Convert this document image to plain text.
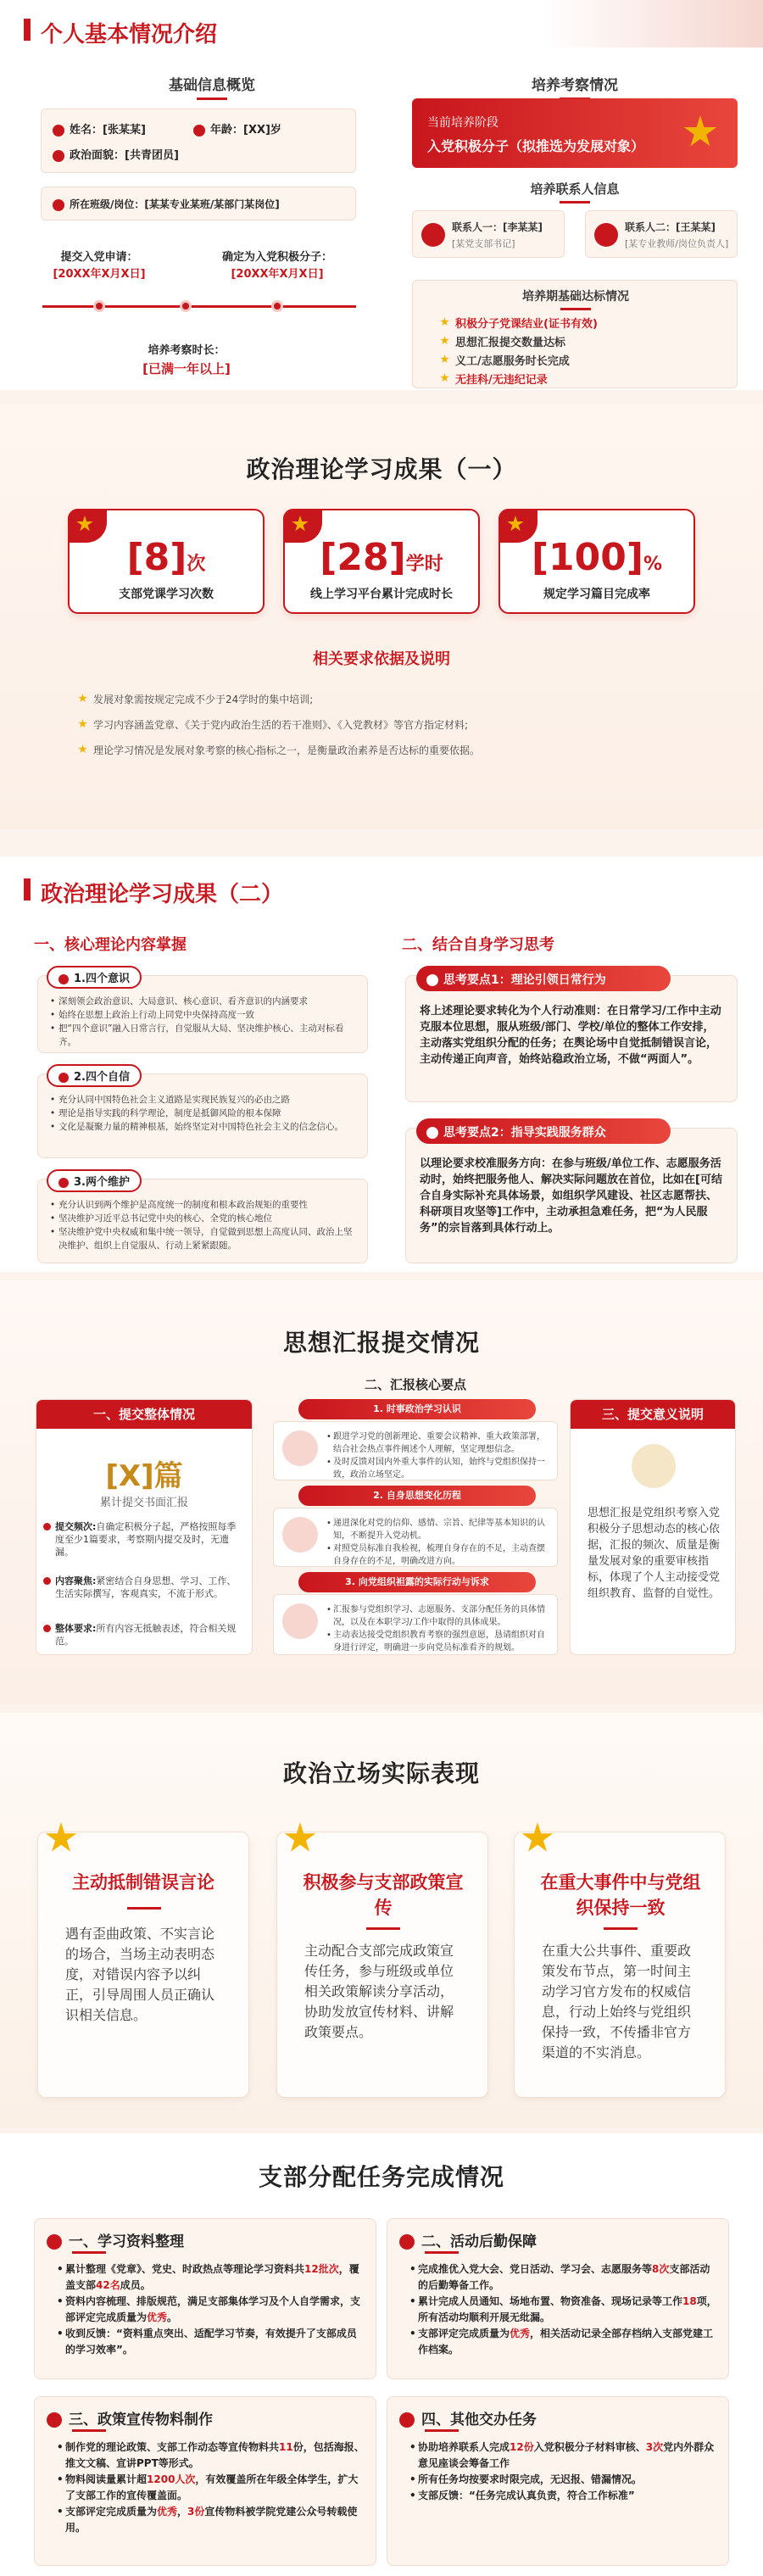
个人基本情况介绍
基础信息概览
姓名：[张某某]	年龄：[XX]岁
政治面貌：[共青团员]
所在班级/岗位：[某某专业某班/某部门某岗位]
提交入党申请：
[20XX年X月X日]
确定为入党积极分子：
[20XX年X月X日]
培养考察时长：
[已满一年以上]
培养考察情况
当前培养阶段
入党积极分子（拟推选为发展对象）
培养联系人信息
联系人一：[李某某]
[某党支部书记]
联系人二：[王某某]
[某专业教师/岗位负责人]
培养期基础达标情况
积极分子党课结业(证书有效)
思想汇报提交数量达标
义工/志愿服务时长完成
无挂科/无违纪记录
政治理论学习成果（一）
[8]次
支部党课学习次数
[28]学时
线上学习平台累计完成时长
[100]%
规定学习篇目完成率
相关要求依据及说明
发展对象需按规定完成不少于24学时的集中培训;
学习内容涵盖党章、《关于党内政治生活的若干准则》、《入党教材》等官方指定材料;
理论学习情况是发展对象考察的核心指标之一，是衡量政治素养是否达标的重要依据。
政治理论学习成果（二）
一、核心理论内容掌握	二、结合自身学习思考
1.四个意识
• 深刻领会政治意识、大局意识、核心意识、看齐意识的内涵要求
• 始终在思想上政治上行动上同党中央保持高度一致
• 把“四个意识”融入日常言行，自觉服从大局、坚决维护核心、主动对标看齐。
2.四个自信
• 充分认同中国特色社会主义道路是实现民族复兴的必由之路
• 理论是指导实践的科学理论，制度是抵御风险的根本保障
• 文化是凝聚力量的精神根基，始终坚定对中国特色社会主义的信念信心。
3.两个维护
• 充分认识到两个维护是高度统一的制度和根本政治规矩的重要性
• 坚决维护习近平总书记党中央的核心、全党的核心地位
• 坚决维护党中央权威和集中统一领导，自觉做到思想上高度认同、政治上坚决维护、组织上自觉服从、行动上紧紧跟随。
思考要点1：理论引领日常行为
将上述理论要求转化为个人行动准则：在日常学习/工作中主动克服本位思想，服从班级/部门、学校/单位的整体工作安排，主动落实党组织分配的任务；在舆论场中自觉抵制错误言论，主动传递正向声音，始终站稳政治立场，不做“两面人”。
思考要点2：指导实践服务群众
以理论要求校准服务方向：在参与班级/单位工作、志愿服务活动时，始终把服务他人、解决实际问题放在首位，比如在[可结合自身实际补充具体场景，如组织学风建设、社区志愿帮扶、科研项目攻坚等]工作中，主动承担急难任务，把“为人民服务”的宗旨落到具体行动上。
思想汇报提交情况
一、提交整体情况
[X]篇
累计提交书面汇报
提交频次:自确定积极分子起，严格按照每季度至少1篇要求，考察期内提交及时，无遗漏。
内容聚焦:紧密结合自身思想、学习、工作、生活实际撰写，客观真实，不流于形式。
整体要求:所有内容无抵触表述，符合相关规范。
二、汇报核心要点
1. 时事政治学习认识
• 跟进学习党的创新理论、重要会议精神、重大政策部署，结合社会热点事件阐述个人理解，坚定理想信念。
• 及时反馈对国内外重大事件的认知，始终与党组织保持一致，政治立场坚定。
2. 自身思想变化历程
• 递进深化对党的信仰、感情、宗旨、纪律等基本知识的认知，不断提升入党动机。
• 对照党员标准自我检视，梳理自身存在的不足，主动查摆自身存在的不足，明确改进方向。
3. 向党组织袒露的实际行动与诉求
• 汇报参与党组织学习、志愿服务、支部分配任务的具体情况，以及在本职学习/工作中取得的具体成果。
• 主动表达接受党组织教育考察的强烈意愿，恳请组织对自身进行评定，明确进一步向党员标准看齐的规划。
三、提交意义说明
思想汇报是党组织考察入党积极分子思想动态的核心依据，汇报的频次、质量是衡量发展对象的重要审核指标，体现了个人主动接受党组织教育、监督的自觉性。
政治立场实际表现
主动抵制错误言论
遇有歪曲政策、不实言论的场合，当场主动表明态度，对错误内容予以纠正，引导周围人员正确认识相关信息。
积极参与支部政策宣传
主动配合支部完成政策宣传任务，参与班级或单位相关政策解读分享活动，协助发放宣传材料、讲解政策要点。
在重大事件中与党组织保持一致
在重大公共事件、重要政策发布节点，第一时间主动学习官方发布的权威信息，行动上始终与党组织保持一致，不传播非官方渠道的不实消息。
支部分配任务完成情况
一、学习资料整理
• 累计整理《党章》、党史、时政热点等理论学习资料共12批次，覆盖支部42名成员。
• 资料内容梳理、排版规范，满足支部集体学习及个人自学需求，支部评定完成质量为优秀。
• 收到反馈：“资料重点突出、适配学习节奏，有效提升了支部成员的学习效率”。
二、活动后勤保障
• 完成推优入党大会、党日活动、学习会、志愿服务等8次支部活动的后勤筹备工作。
• 累计完成人员通知、场地布置、物资准备、现场记录等工作18项，所有活动均顺利开展无纰漏。
• 支部评定完成质量为优秀，相关活动记录全部存档纳入支部党建工作档案。
三、政策宣传物料制作
• 制作党的理论政策、支部工作动态等宣传物料共11份，包括海报、推文文稿、宣讲PPT等形式。
• 物料阅读量累计超1200人次，有效覆盖所在年级全体学生，扩大了支部工作的宣传覆盖面。
• 支部评定完成质量为优秀，3份宣传物料被学院党建公众号转载使用。
四、其他交办任务
• 协助培养联系人完成12份入党积极分子材料审核、3次党内外群众意见座谈会筹备工作
• 所有任务均按要求时限完成，无迟报、错漏情况。
• 支部反馈：“任务完成认真负责，符合工作标准”
